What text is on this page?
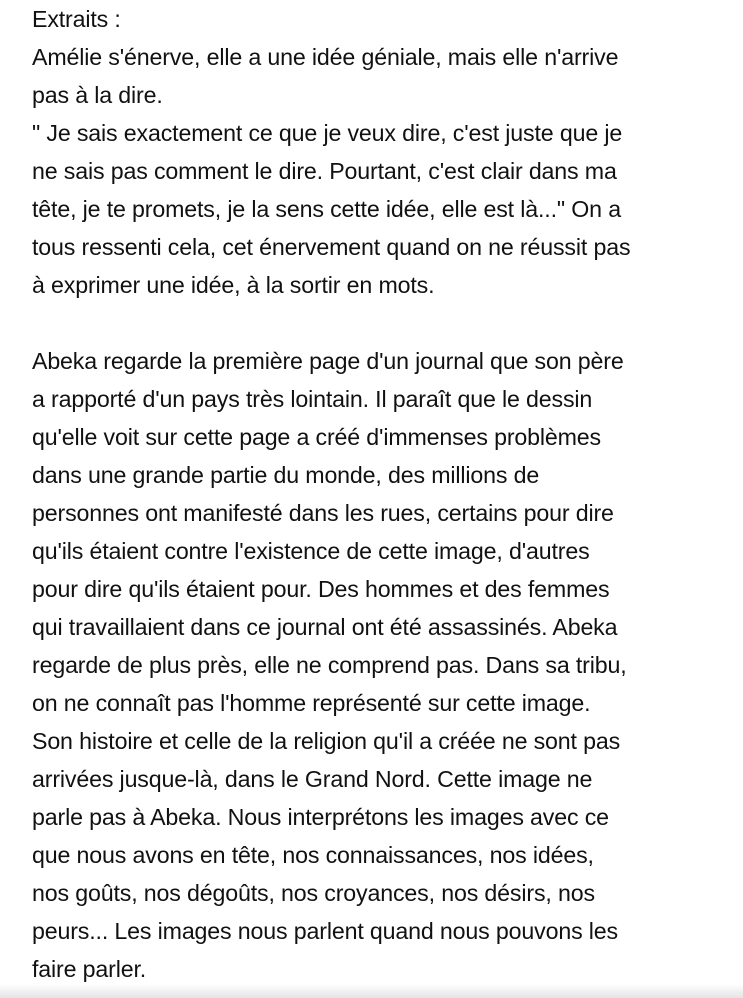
Extraits :
Amélie s'énerve, elle a une idée géniale, mais elle n'arrive
pas à la dire.
" Je sais exactement ce que je veux dire, c'est juste que je
ne sais pas comment le dire. Pourtant, c'est clair dans ma
tête, je te promets, je la sens cette idée, elle est là..." On a
tous ressenti cela, cet énervement quand on ne réussit pas
à exprimer une idée, à la sortir en mots.
Abeka regarde la première page d'un journal que son père
a rapporté d'un pays très lointain. Il paraît que le dessin
qu'elle voit sur cette page a créé d'immenses problèmes
dans une grande partie du monde, des millions de
personnes ont manifesté dans les rues, certains pour dire
qu'ils étaient contre l'existence de cette image, d'autres
pour dire qu'ils étaient pour. Des hommes et des femmes
qui travaillaient dans ce journal ont été assassinés. Abeka
regarde de plus près, elle ne comprend pas. Dans sa tribu,
on ne connaît pas l'homme représenté sur cette image.
Son histoire et celle de la religion qu'il a créée ne sont pas
arrivées jusque-là, dans le Grand Nord. Cette image ne
parle pas à Abeka. Nous interprétons les images avec ce
que nous avons en tête, nos connaissances, nos idées,
nos goûts, nos dégoûts, nos croyances, nos désirs, nos
peurs... Les images nous parlent quand nous pouvons les
faire parler.
